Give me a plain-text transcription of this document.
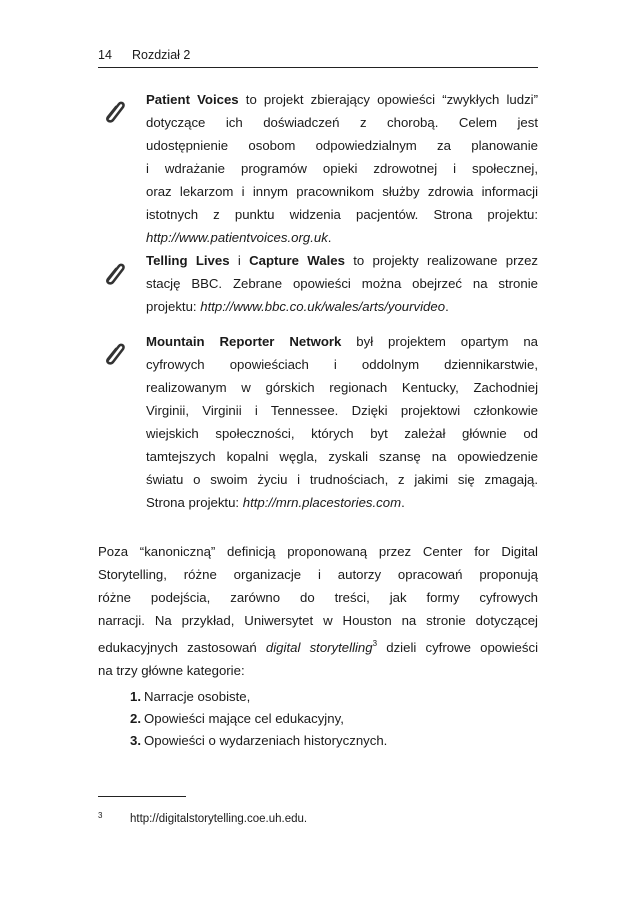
14 Rozdział 2
Patient Voices to projekt zbierający opowieści “zwykłych ludzi”
dotyczące ich doświadczeń z chorobą. Celem jest
udostępnienie osobom odpowiedzialnym za planowanie
i wdrażanie programów opieki zdrowotnej i społecznej,
oraz lekarzom i innym pracownikom służby zdrowia informacji
istotnych z punktu widzenia pacjentów. Strona projektu:
http://www.patientvoices.org.uk.
Telling Lives i Capture Wales to projekty realizowane przez
stację BBC. Zebrane opowieści można obejrzeć na stronie
projektu: http://www.bbc.co.uk/wales/arts/yourvideo.
Mountain Reporter Network był projektem opartym na
cyfrowych opowieściach i oddolnym dziennikarstwie,
realizowanym w górskich regionach Kentucky, Zachodniej
Virginii, Virginii i Tennessee. Dzięki projektowi członkowie
wiejskich społeczności, których byt zależał głównie od
tamtejszych kopalni węgla, zyskali szansę na opowiedzenie
światu o swoim życiu i trudnościach, z jakimi się zmagają.
Strona projektu: http://mrn.placestories.com.
Poza “kanoniczną” definicją proponowaną przez Center for Digital
Storytelling, różne organizacje i autorzy opracowań proponują
różne podejścia, zarówno do treści, jak formy cyfrowych
narracji. Na przykład, Uniwersytet w Houston na stronie dotyczącej
edukacyjnych zastosowań digital storytelling$^3$ dzieli cyfrowe opowieści
na trzy główne kategorie:
1. Narracje osobiste,
2. Opowieści mające cel edukacyjny,
3. Opowieści o wydarzeniach historycznych.
3 http://digitalstorytelling.coe.uh.edu.
